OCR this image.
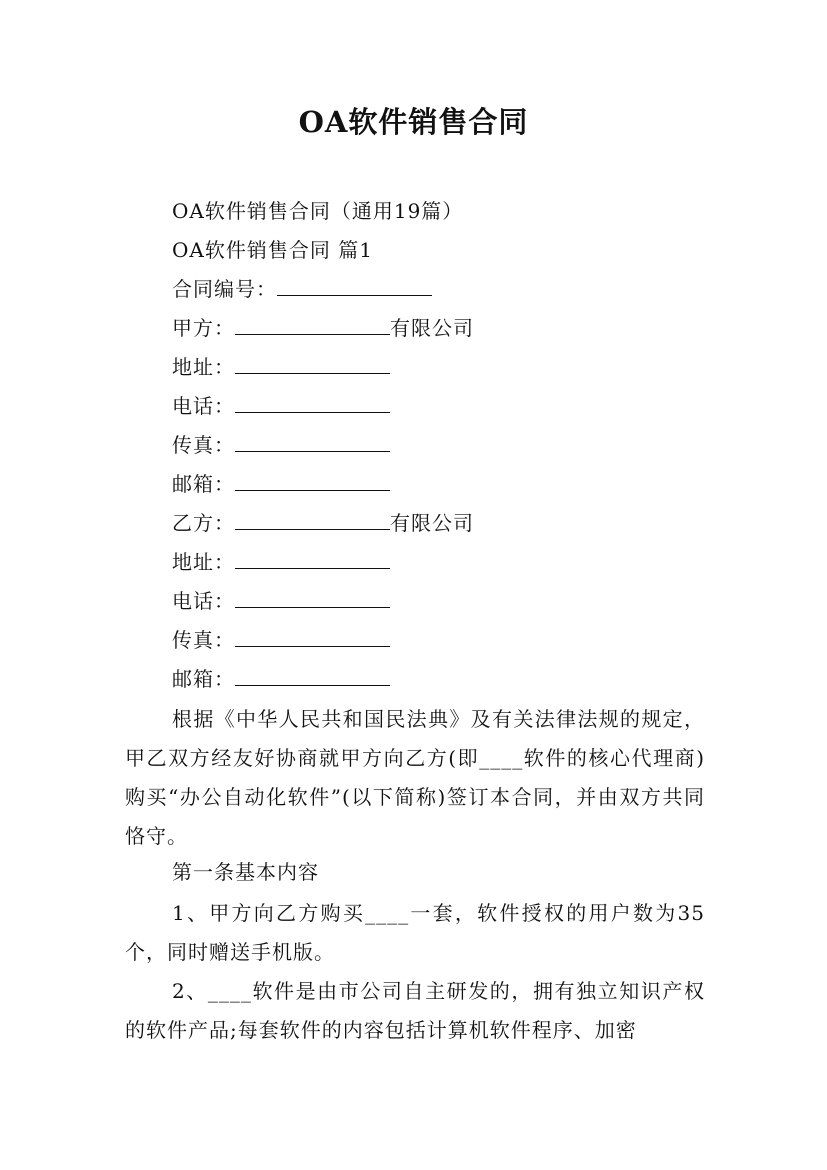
OA软件销售合同
OA软件销售合同（通用19篇）
OA软件销售合同 篇1
合同编号：
甲方：	有限公司
地址：
电话：
传真：
邮箱：
乙方：	有限公司
地址：
电话：
传真：
邮箱：
根据《中华人民共和国民法典》及有关法律法规的规定，甲乙双方经友好协商就甲方向乙方(即____软件的核心代理商)购买“办公自动化软件”(以下简称)签订本合同，并由双方共同恪守。
第一条基本内容
1、甲方向乙方购买____一套，软件授权的用户数为35个，同时赠送手机版。
2、____软件是由市公司自主研发的，拥有独立知识产权的软件产品;每套软件的内容包括计算机软件程序、加密
